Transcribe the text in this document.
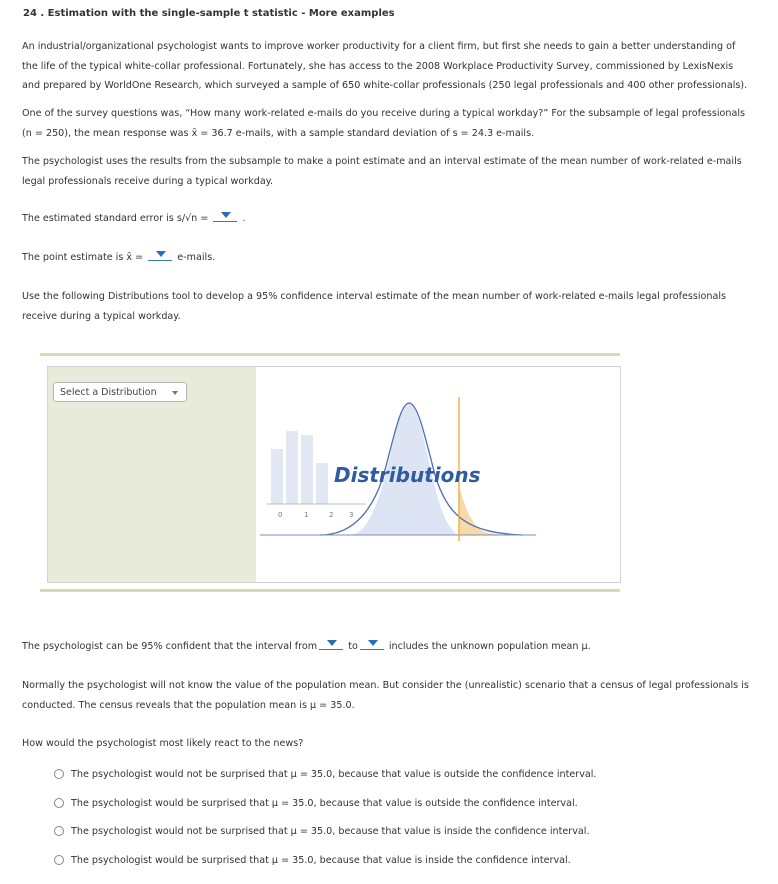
24 . Estimation with the single-sample t statistic - More examples
An industrial/organizational psychologist wants to improve worker productivity for a client firm, but first she needs to gain a better understanding of
the life of the typical white-collar professional. Fortunately, she has access to the 2008 Workplace Productivity Survey, commissioned by LexisNexis
and prepared by WorldOne Research, which surveyed a sample of 650 white-collar professionals (250 legal professionals and 400 other professionals).
One of the survey questions was, “How many work-related e-mails do you receive during a typical workday?” For the subsample of legal professionals
(n = 250), the mean response was x̄ = 36.7 e-mails, with a sample standard deviation of s = 24.3 e-mails.
The psychologist uses the results from the subsample to make a point estimate and an interval estimate of the mean number of work-related e-mails
legal professionals receive during a typical workday.
The estimated standard error is s/√n =	.
The point estimate is x̄ =	e-mails.
Use the following Distributions tool to develop a 95% confidence interval estimate of the mean number of work-related e-mails legal professionals
receive during a typical workday.
Select a Distribution
0	1	2 3
Distributions
The psychologist can be 95% confident that the interval from	to	includes the unknown population mean μ.
Normally the psychologist will not know the value of the population mean. But consider the (unrealistic) scenario that a census of legal professionals is
conducted. The census reveals that the population mean is μ = 35.0.
How would the psychologist most likely react to the news?
The psychologist would not be surprised that μ = 35.0, because that value is outside the confidence interval.
The psychologist would be surprised that μ = 35.0, because that value is outside the confidence interval.
The psychologist would not be surprised that μ = 35.0, because that value is inside the confidence interval.
The psychologist would be surprised that μ = 35.0, because that value is inside the confidence interval.
